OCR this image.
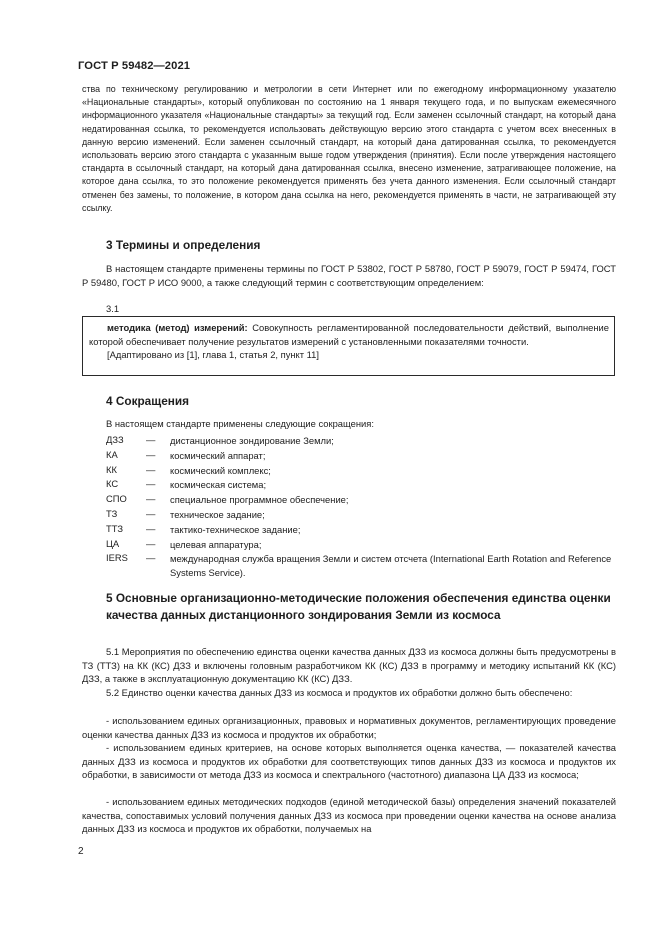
ГОСТ Р 59482—2021
ства по техническому регулированию и метрологии в сети Интернет или по ежегодному информационному указателю «Национальные стандарты», который опубликован по состоянию на 1 января текущего года, и по выпускам ежемесячного информационного указателя «Национальные стандарты» за текущий год. Если заменен ссылочный стандарт, на который дана недатированная ссылка, то рекомендуется использовать действующую версию этого стандарта с учетом всех внесенных в данную версию изменений. Если заменен ссылочный стандарт, на который дана датированная ссылка, то рекомендуется использовать версию этого стандарта с указанным выше годом утверждения (принятия). Если после утверждения настоящего стандарта в ссылочный стандарт, на который дана датированная ссылка, внесено изменение, затрагивающее положение, на которое дана ссылка, то это положение рекомендуется применять без учета данного изменения. Если ссылочный стандарт отменен без замены, то положение, в котором дана ссылка на него, рекомендуется применять в части, не затрагивающей эту ссылку.
3 Термины и определения
В настоящем стандарте применены термины по ГОСТ Р 53802, ГОСТ Р 58780, ГОСТ Р 59079, ГОСТ Р 59474, ГОСТ Р 59480, ГОСТ Р ИСО 9000, а также следующий термин с соответствующим определением:
3.1
методика (метод) измерений: Совокупность регламентированной последовательности действий, выполнение которой обеспечивает получение результатов измерений с установленными показателями точности.
[Адаптировано из [1], глава 1, статья 2, пункт 11]
4 Сокращения
В настоящем стандарте применены следующие сокращения:
ДЗЗ — дистанционное зондирование Земли;
КА	— космический аппарат;
КК	— космический комплекс;
КС	— космическая система;
СПО — специальное программное обеспечение;
ТЗ	— техническое задание;
ТТЗ — тактико-техническое задание;
ЦА	— целевая аппаратура;
IERS — международная служба вращения Земли и систем отсчета (International Earth Rotation and Reference Systems Service).
5 Основные организационно-методические положения обеспечения единства оценки качества данных дистанционного зондирования Земли из космоса
5.1 Мероприятия по обеспечению единства оценки качества данных ДЗЗ из космоса должны быть предусмотрены в ТЗ (ТТЗ) на КК (КС) ДЗЗ и включены головным разработчиком КК (КС) ДЗЗ в программу и методику испытаний КК (КС) ДЗЗ, а также в эксплуатационную документацию КК (КС) ДЗЗ.
5.2 Единство оценки качества данных ДЗЗ из космоса и продуктов их обработки должно быть обеспечено:
- использованием единых организационных, правовых и нормативных документов, регламентирующих проведение оценки качества данных ДЗЗ из космоса и продуктов их обработки;
- использованием единых критериев, на основе которых выполняется оценка качества, — показателей качества данных ДЗЗ из космоса и продуктов их обработки для соответствующих типов данных ДЗЗ из космоса и продуктов их обработки, в зависимости от метода ДЗЗ из космоса и спектрального (частотного) диапазона ЦА ДЗЗ из космоса;
- использованием единых методических подходов (единой методической базы) определения значений показателей качества, сопоставимых условий получения данных ДЗЗ из космоса при проведении оценки качества на основе анализа данных ДЗЗ из космоса и продуктов их обработки, получаемых на
2
